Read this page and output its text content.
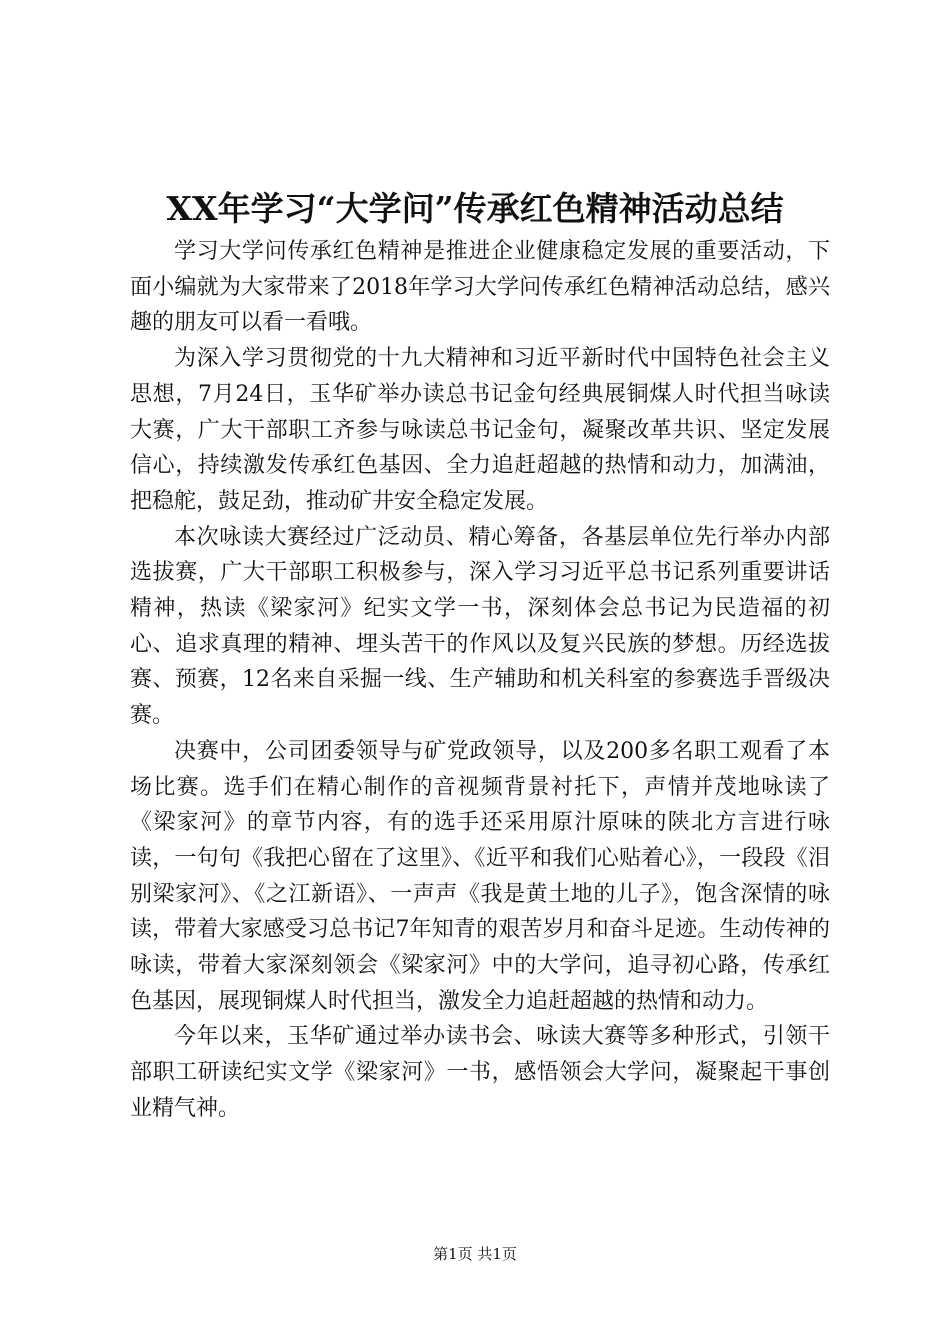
XX年学习“大学问”传承红色精神活动总结

学习大学问传承红色精神是推进企业健康稳定发展的重要活动，下面小编就为大家带来了2018年学习大学问传承红色精神活动总结，感兴趣的朋友可以看一看哦。

为深入学习贯彻党的十九大精神和习近平新时代中国特色社会主义思想，7月24日，玉华矿举办读总书记金句经典展铜煤人时代担当咏读大赛，广大干部职工齐参与咏读总书记金句，凝聚改革共识、坚定发展信心，持续激发传承红色基因、全力追赶超越的热情和动力，加满油，把稳舵，鼓足劲，推动矿井安全稳定发展。

本次咏读大赛经过广泛动员、精心筹备，各基层单位先行举办内部选拔赛，广大干部职工积极参与，深入学习习近平总书记系列重要讲话精神，热读《梁家河》纪实文学一书，深刻体会总书记为民造福的初心、追求真理的精神、埋头苦干的作风以及复兴民族的梦想。历经选拔赛、预赛，12名来自采掘一线、生产辅助和机关科室的参赛选手晋级决赛。

决赛中，公司团委领导与矿党政领导，以及200多名职工观看了本场比赛。选手们在精心制作的音视频背景衬托下，声情并茂地咏读了《梁家河》的章节内容，有的选手还采用原汁原味的陕北方言进行咏读，一句句《我把心留在了这里》、《近平和我们心贴着心》，一段段《泪别梁家河》、《之江新语》、一声声《我是黄土地的儿子》，饱含深情的咏读，带着大家感受习总书记7年知青的艰苦岁月和奋斗足迹。生动传神的咏读，带着大家深刻领会《梁家河》中的大学问，追寻初心路，传承红色基因，展现铜煤人时代担当，激发全力追赶超越的热情和动力。

今年以来，玉华矿通过举办读书会、咏读大赛等多种形式，引领干部职工研读纪实文学《梁家河》一书，感悟领会大学问，凝聚起干事创业精气神。

第1页 共1页
